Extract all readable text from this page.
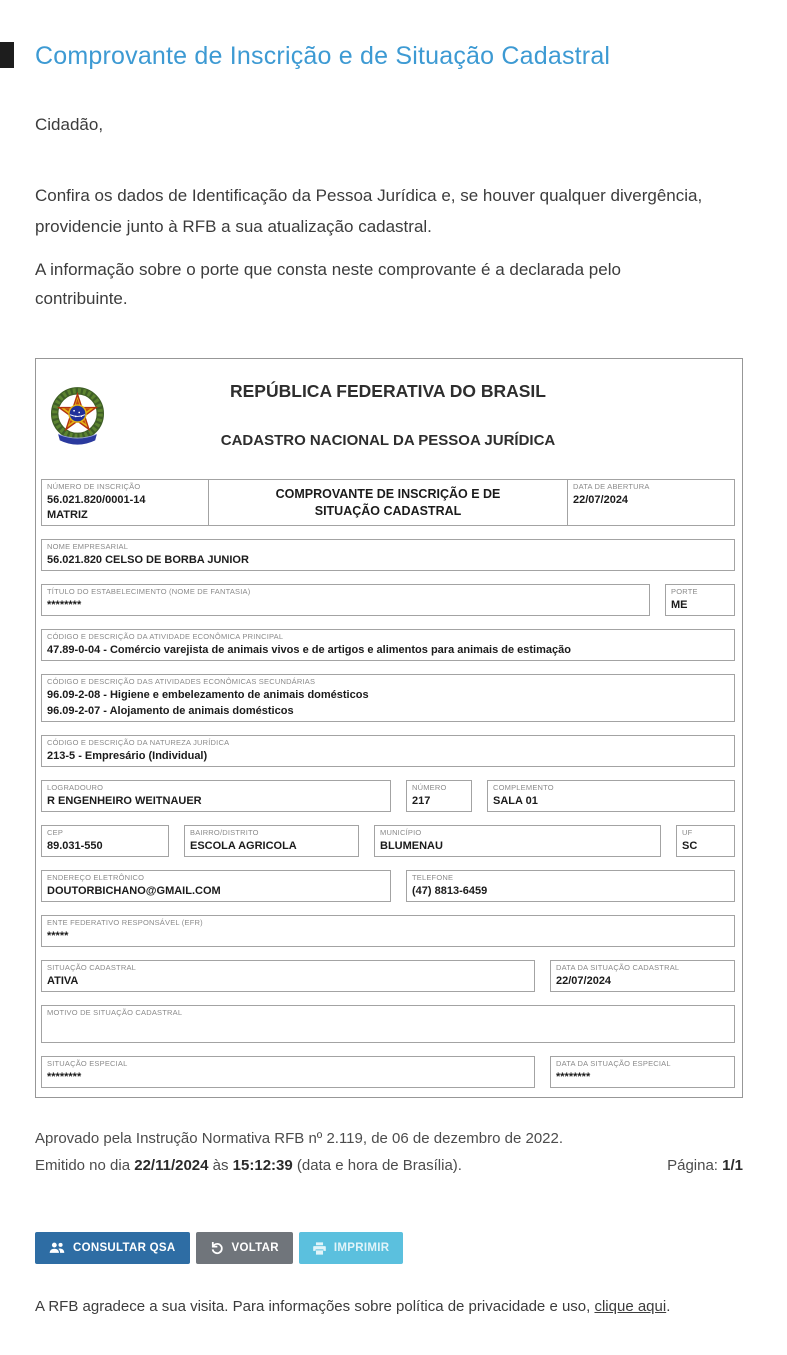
Comprovante de Inscrição e de Situação Cadastral
Cidadão,

Confira os dados de Identificação da Pessoa Jurídica e, se houver qualquer divergência, providencie junto à RFB a sua atualização cadastral.

A informação sobre o porte que consta neste comprovante é a declarada pelo contribuinte.

REPÚBLICA FEDERATIVA DO BRASIL
CADASTRO NACIONAL DA PESSOA JURÍDICA
NÚMERO DE INSCRIÇÃO
56.021.820/0001-14
MATRIZ
COMPROVANTE DE INSCRIÇÃO E DE SITUAÇÃO CADASTRAL
DATA DE ABERTURA
22/07/2024
NOME EMPRESARIAL
56.021.820 CELSO DE BORBA JUNIOR
TÍTULO DO ESTABELECIMENTO (NOME DE FANTASIA)
********
PORTE
ME
CÓDIGO E DESCRIÇÃO DA ATIVIDADE ECONÔMICA PRINCIPAL
47.89-0-04 - Comércio varejista de animais vivos e de artigos e alimentos para animais de estimação
CÓDIGO E DESCRIÇÃO DAS ATIVIDADES ECONÔMICAS SECUNDÁRIAS
96.09-2-08 - Higiene e embelezamento de animais domésticos
96.09-2-07 - Alojamento de animais domésticos
CÓDIGO E DESCRIÇÃO DA NATUREZA JURÍDICA
213-5 - Empresário (Individual)
LOGRADOURO
R ENGENHEIRO WEITNAUER
NÚMERO
217
COMPLEMENTO
SALA 01
CEP
89.031-550
BAIRRO/DISTRITO
ESCOLA AGRICOLA
MUNICÍPIO
BLUMENAU
UF
SC
ENDEREÇO ELETRÔNICO
DOUTORBICHANO@GMAIL.COM
TELEFONE
(47) 8813-6459
ENTE FEDERATIVO RESPONSÁVEL (EFR)
*****
SITUAÇÃO CADASTRAL
ATIVA
DATA DA SITUAÇÃO CADASTRAL
22/07/2024
MOTIVO DE SITUAÇÃO CADASTRAL
SITUAÇÃO ESPECIAL
********
DATA DA SITUAÇÃO ESPECIAL
********
Aprovado pela Instrução Normativa RFB nº 2.119, de 06 de dezembro de 2022.
Emitido no dia 22/11/2024 às 15:12:39 (data e hora de Brasília).	Página: 1/1
CONSULTAR QSA	VOLTAR	IMPRIMIR
A RFB agradece a sua visita. Para informações sobre política de privacidade e uso, clique aqui.
